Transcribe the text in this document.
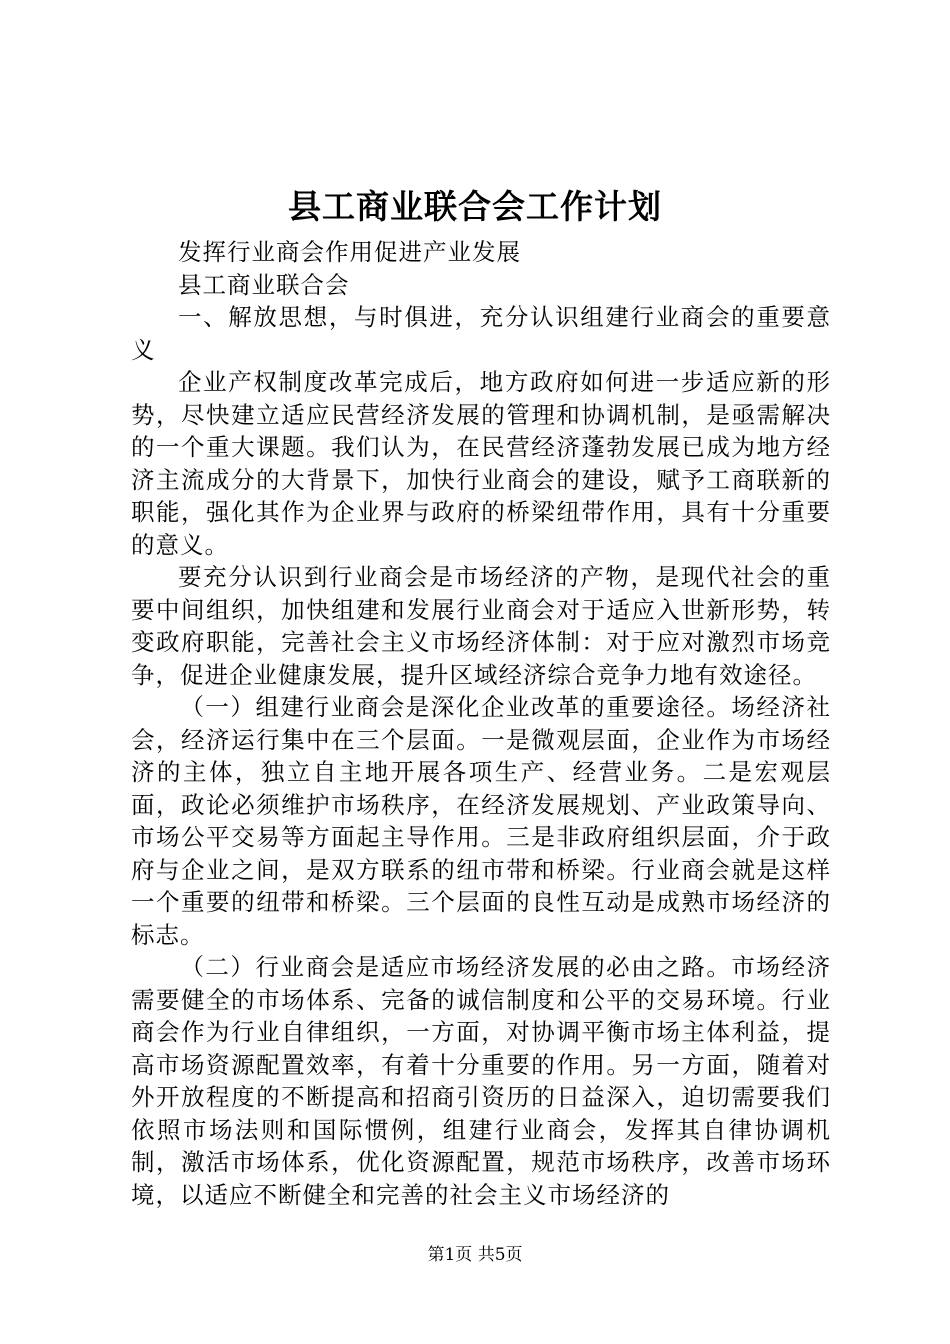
县工商业联合会工作计划

发挥行业商会作用促进产业发展

县工商业联合会

一、解放思想，与时俱进，充分认识组建行业商会的重要意义

企业产权制度改革完成后，地方政府如何进一步适应新的形势，尽快建立适应民营经济发展的管理和协调机制，是亟需解决的一个重大课题。我们认为，在民营经济蓬勃发展已成为地方经济主流成分的大背景下，加快行业商会的建设，赋予工商联新的职能，强化其作为企业界与政府的桥梁纽带作用，具有十分重要的意义。

要充分认识到行业商会是市场经济的产物，是现代社会的重要中间组织，加快组建和发展行业商会对于适应入世新形势，转变政府职能，完善社会主义市场经济体制：对于应对激烈市场竞争，促进企业健康发展，提升区域经济综合竞争力地有效途径。

（一）组建行业商会是深化企业改革的重要途径。场经济社会，经济运行集中在三个层面。一是微观层面，企业作为市场经济的主体，独立自主地开展各项生产、经营业务。二是宏观层面，政论必须维护市场秩序，在经济发展规划、产业政策导向、市场公平交易等方面起主导作用。三是非政府组织层面，介于政府与企业之间，是双方联系的纽市带和桥梁。行业商会就是这样一个重要的纽带和桥梁。三个层面的良性互动是成熟市场经济的标志。

（二）行业商会是适应市场经济发展的必由之路。市场经济需要健全的市场体系、完备的诚信制度和公平的交易环境。行业商会作为行业自律组织，一方面，对协调平衡市场主体利益，提高市场资源配置效率，有着十分重要的作用。另一方面，随着对外开放程度的不断提高和招商引资历的日益深入，迫切需要我们依照市场法则和国际惯例，组建行业商会，发挥其自律协调机制，激活市场体系，优化资源配置，规范市场秩序，改善市场环境，以适应不断健全和完善的社会主义市场经济的

第1页 共5页
